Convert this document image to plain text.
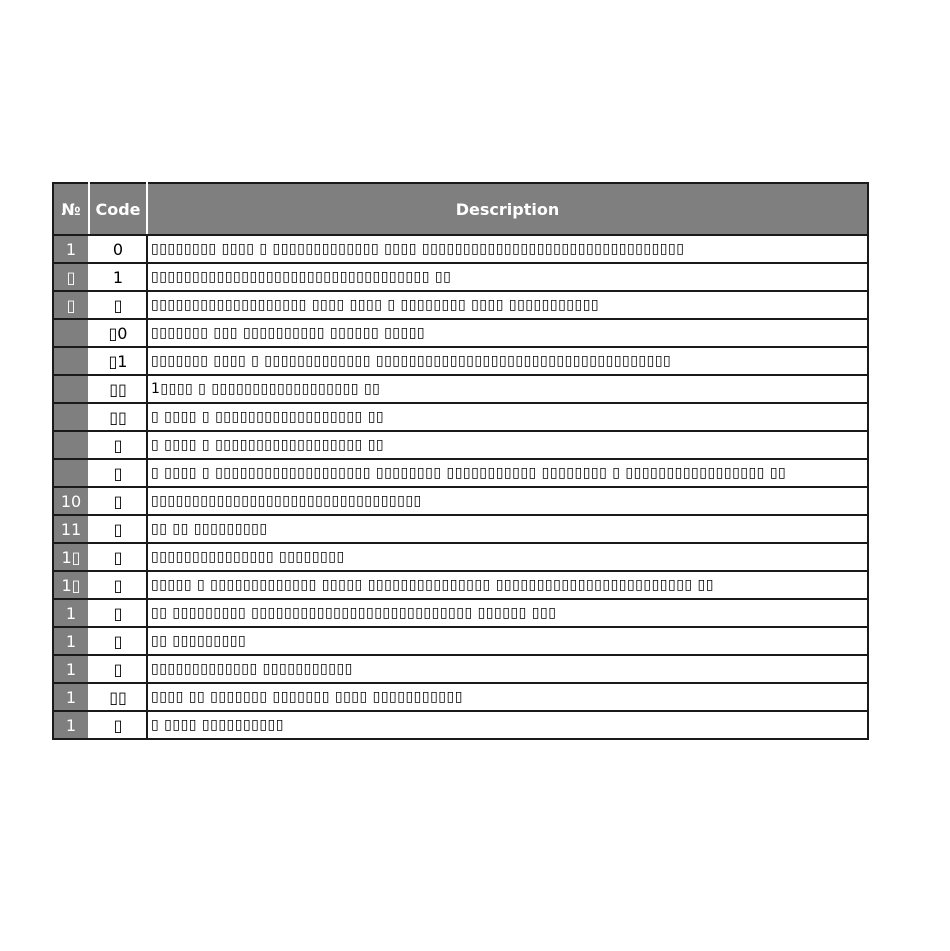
№	Code	Description
1	0	▯▯▯▯▯▯▯▯ ▯▯▯▯ ▯ ▯▯▯▯▯▯▯▯▯▯▯▯▯ ▯▯▯▯ ▯▯▯▯▯▯▯▯▯▯▯▯▯▯▯▯▯▯▯▯▯▯▯▯▯▯▯▯▯▯▯▯
▯	1	▯▯▯▯▯▯▯▯▯▯▯▯▯▯▯▯▯▯▯▯▯▯▯▯▯▯▯▯▯▯▯▯▯▯ ▯▯
▯	▯	▯▯▯▯▯▯▯▯▯▯▯▯▯▯▯▯▯▯▯ ▯▯▯▯ ▯▯▯▯ ▯ ▯▯▯▯▯▯▯▯ ▯▯▯▯ ▯▯▯▯▯▯▯▯▯▯▯
	▯0	▯▯▯▯▯▯▯ ▯▯▯ ▯▯▯▯▯▯▯▯▯▯ ▯▯▯▯▯▯ ▯▯▯▯▯
	▯1	▯▯▯▯▯▯▯ ▯▯▯▯ ▯ ▯▯▯▯▯▯▯▯▯▯▯▯▯ ▯▯▯▯▯▯▯▯▯▯▯▯▯▯▯▯▯▯▯▯▯▯▯▯▯▯▯▯▯▯▯▯▯▯▯▯
	▯▯	1▯▯▯▯ ▯ ▯▯▯▯▯▯▯▯▯▯▯▯▯▯▯▯▯▯ ▯▯
	▯▯	▯ ▯▯▯▯ ▯ ▯▯▯▯▯▯▯▯▯▯▯▯▯▯▯▯▯▯ ▯▯
	▯	▯ ▯▯▯▯ ▯ ▯▯▯▯▯▯▯▯▯▯▯▯▯▯▯▯▯▯ ▯▯
	▯	▯ ▯▯▯▯ ▯ ▯▯▯▯▯▯▯▯▯▯▯▯▯▯▯▯▯▯▯ ▯▯▯▯▯▯▯▯ ▯▯▯▯▯▯▯▯▯▯▯ ▯▯▯▯▯▯▯▯ ▯ ▯▯▯▯▯▯▯▯▯▯▯▯▯▯▯▯▯ ▯▯
10	▯	▯▯▯▯▯▯▯▯▯▯▯▯▯▯▯▯▯▯▯▯▯▯▯▯▯▯▯▯▯▯▯▯▯
11	▯	▯▯ ▯▯ ▯▯▯▯▯▯▯▯▯
1▯	▯	▯▯▯▯▯▯▯▯▯▯▯▯▯▯▯ ▯▯▯▯▯▯▯▯
1▯	▯	▯▯▯▯▯ ▯ ▯▯▯▯▯▯▯▯▯▯▯▯▯ ▯▯▯▯▯ ▯▯▯▯▯▯▯▯▯▯▯▯▯▯▯ ▯▯▯▯▯▯▯▯▯▯▯▯▯▯▯▯▯▯▯▯▯▯▯▯ ▯▯
1	▯	▯▯ ▯▯▯▯▯▯▯▯▯ ▯▯▯▯▯▯▯▯▯▯▯▯▯▯▯▯▯▯▯▯▯▯▯▯▯▯▯ ▯▯▯▯▯▯ ▯▯▯
1	▯	▯▯ ▯▯▯▯▯▯▯▯▯
1	▯	▯▯▯▯▯▯▯▯▯▯▯▯▯ ▯▯▯▯▯▯▯▯▯▯▯
1	▯▯	▯▯▯▯ ▯▯ ▯▯▯▯▯▯▯ ▯▯▯▯▯▯▯ ▯▯▯▯ ▯▯▯▯▯▯▯▯▯▯▯
1	▯	▯ ▯▯▯▯ ▯▯▯▯▯▯▯▯▯▯
